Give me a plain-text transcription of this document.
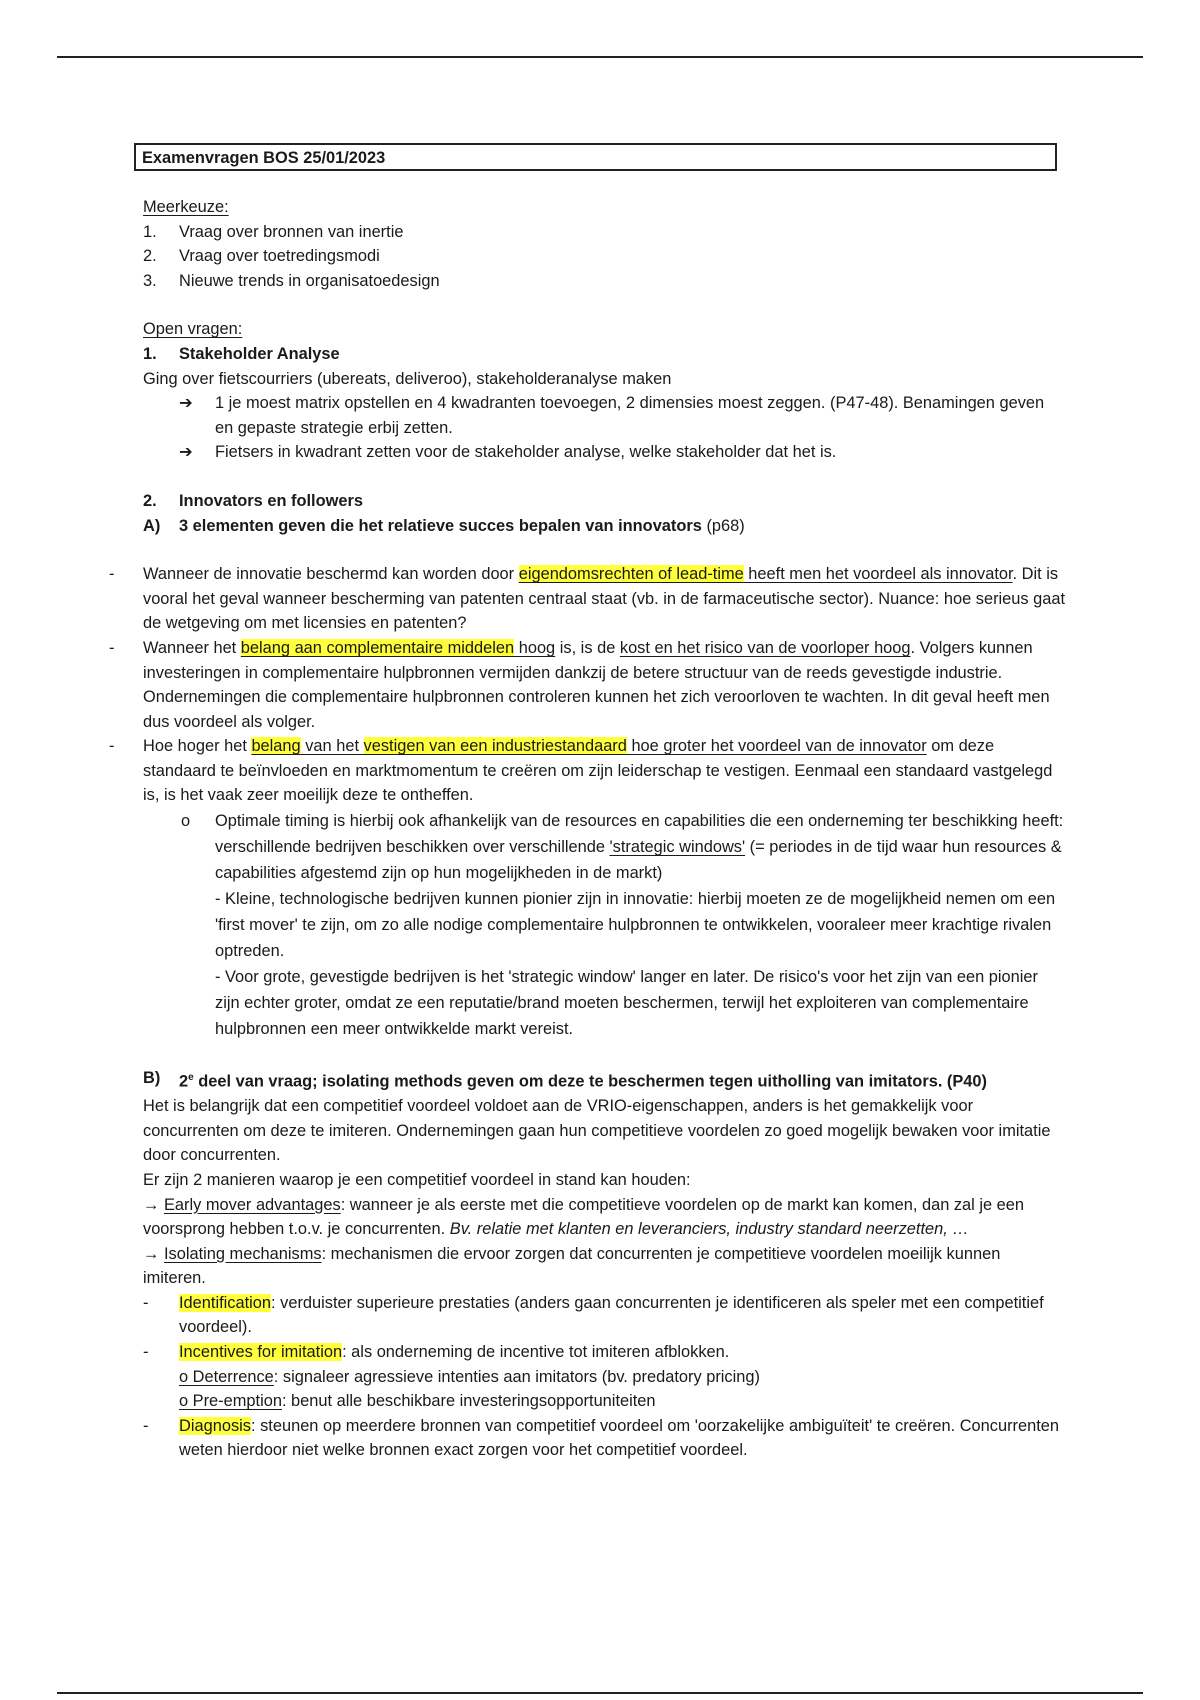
Examenvragen BOS 25/01/2023

Meerkeuze:

1.	Vraag over bronnen van inertie
2.	Vraag over toetredingsmodi
3.	Nieuwe trends in organisatoedesign

Open vragen:

1.	Stakeholder Analyse

Ging over fietscourriers (ubereats, deliveroo), stakeholderanalyse maken

➔ 1 je moest matrix opstellen en 4 kwadranten toevoegen, 2 dimensies moest zeggen. (P47-48). Benamingen geven en gepaste strategie erbij zetten.
➔ Fietsers in kwadrant zetten voor de stakeholder analyse, welke stakeholder dat het is.
2.	Innovators en followers
A)	3 elementen geven die het relatieve succes bepalen van innovators (p68)
- Wanneer de innovatie beschermd kan worden door eigendomsrechten of lead-time heeft men het voordeel als innovator. Dit is vooral het geval wanneer bescherming van patenten centraal staat (vb. in de farmaceutische sector). Nuance: hoe serieus gaat de wetgeving om met licensies en patenten?
- Wanneer het belang aan complementaire middelen hoog is, is de kost en het risico van de voorloper hoog. Volgers kunnen investeringen in complementaire hulpbronnen vermijden dankzij de betere structuur van de reeds gevestigde industrie. Ondernemingen die complementaire hulpbronnen controleren kunnen het zich veroorloven te wachten. In dit geval heeft men dus voordeel als volger.
- Hoe hoger het belang van het vestigen van een industriestandaard hoe groter het voordeel van de innovator om deze standaard te beïnvloeden en marktmomentum te creëren om zijn leiderschap te vestigen. Eenmaal een standaard vastgelegd is, is het vaak zeer moeilijk deze te ontheffen.
o Optimale timing is hierbij ook afhankelijk van de resources en capabilities die een onderneming ter beschikking heeft: verschillende bedrijven beschikken over verschillende 'strategic windows' (= periodes in de tijd waar hun resources & capabilities afgestemd zijn op hun mogelijkheden in de markt)

- Kleine, technologische bedrijven kunnen pionier zijn in innovatie: hierbij moeten ze de mogelijkheid nemen om een 'first mover' te zijn, om zo alle nodige complementaire hulpbronnen te ontwikkelen, vooraleer meer krachtige rivalen optreden.

- Voor grote, gevestigde bedrijven is het 'strategic window' langer en later. De risico's voor het zijn van een pionier zijn echter groter, omdat ze een reputatie/brand moeten beschermen, terwijl het exploiteren van complementaire hulpbronnen een meer ontwikkelde markt vereist.

B)	2e deel van vraag; isolating methods geven om deze te beschermen tegen uitholling van imitators. (P40)

Het is belangrijk dat een competitief voordeel voldoet aan de VRIO-eigenschappen, anders is het gemakkelijk voor concurrenten om deze te imiteren. Ondernemingen gaan hun competitieve voordelen zo goed mogelijk bewaken voor imitatie door concurrenten.

Er zijn 2 manieren waarop je een competitief voordeel in stand kan houden:

→ Early mover advantages: wanneer je als eerste met die competitieve voordelen op de markt kan komen, dan zal je een voorsprong hebben t.o.v. je concurrenten. Bv. relatie met klanten en leveranciers, industry standard neerzetten, …

→ Isolating mechanisms: mechanismen die ervoor zorgen dat concurrenten je competitieve voordelen moeilijk kunnen imiteren.

-	Identification: verduister superieure prestaties (anders gaan concurrenten je identificeren als speler met een competitief voordeel).
-	Incentives for imitation: als onderneming de incentive tot imiteren afblokken.
o Deterrence: signaleer agressieve intenties aan imitators (bv. predatory pricing)
o Pre-emption: benut alle beschikbare investeringsopportuniteiten
-	Diagnosis: steunen op meerdere bronnen van competitief voordeel om 'oorzakelijke ambiguïteit' te creëren. Concurrenten weten hierdoor niet welke bronnen exact zorgen voor het competitief voordeel.
